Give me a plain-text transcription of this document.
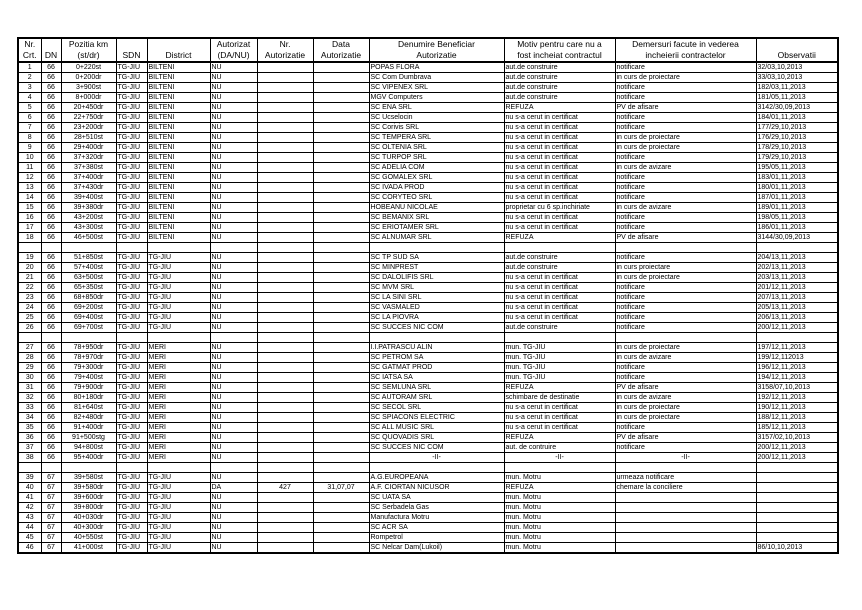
Nr.		Pozitia km			Autorizat	Nr.	Data	Denumire Beneficiar	Motiv pentru care nu a	Demersuri facute in vederea	
Crt.	DN	(st/dr)	SDN	District	(DA/NU)	Autorizatie	Autorizatie	Autorizatie	fost incheiat contractul	incheierii contractelor	Observatii
1	66	0+220st	TG-JIU	BILTENI	NU			POPAS FLORA	aut.de construire	notificare	32/03,10,2013
2	66	0+200dr	TG-JIU	BILTENI	NU			SC Com Dumbrava	aut.de construire	in curs de proiectare	33/03,10,2013
3	66	3+900st	TG-JIU	BILTENI	NU			SC VIPENEX SRL	aut.de construire	notificare	182/03,11,2013
4	66	8+000dr	TG-JIU	BILTENI	NU			MGV Computers	aut.de construire	notificare	181/05,11,2013
5	66	20+450dr	TG-JIU	BILTENI	NU			SC ENA SRL	REFUZA	PV de afisare	3142/30,09,2013
6	66	22+750dr	TG-JIU	BILTENI	NU			SC Ucselocin	nu s-a cerut in certificat	notificare	184/01,11,2013
7	66	23+200dr	TG-JIU	BILTENI	NU			SC Corivis SRL	nu s-a cerut in certificat	notificare	177/29,10,2013
8	66	28+510st	TG-JIU	BILTENI	NU			SC TEMPERA SRL	nu s-a cerut in certificat	in curs de proiectare	176/29,10,2013
9	66	29+400dr	TG-JIU	BILTENI	NU			SC OLTENIA SRL	nu s-a cerut in certificat	in curs de proiectare	178/29,10,2013
10	66	37+320dr	TG-JIU	BILTENI	NU			SC TURPOP SRL	nu s-a cerut in certificat	notificare	179/29,10,2013
11	66	37+380st	TG-JIU	BILTENI	NU			SC ADELIA COM	nu s-a cerut in certificat	in curs de avizare	195/05,11,2013
12	66	37+400dr	TG-JIU	BILTENI	NU			SC GOMALEX SRL	nu s-a cerut in certificat	notificare	183/01,11,2013
13	66	37+430dr	TG-JIU	BILTENI	NU			SC IVADA PROD	nu s-a cerut in certificat	notificare	180/01,11,2013
14	66	39+400st	TG-JIU	BILTENI	NU			SC CORYTEO SRL	nu s-a cerut in certificat	notificare	187/01,11,2013
15	66	39+380dr	TG-JIU	BILTENI	NU			HOBEANU NICOLAE	proprietar cu 6 sp.inchiriate	in curs de avizare	189/01,11,2013
16	66	43+200st	TG-JIU	BILTENI	NU			SC BEMANIX SRL	nu s-a cerut in certificat	notificare	198/05,11,2013
17	66	43+300st	TG-JIU	BILTENI	NU			SC ERIOTAMER SRL	nu s-a cerut in certificat	notificare	186/01,11,2013
18	66	46+500st	TG-JIU	BILTENI	NU			SC ALNUMAR SRL	REFUZA	PV de afisare	3144/30,09,2013

19	66	51+850st	TG-JIU	TG-JIU	NU			SC TP SUD SA	aut.de construire	notificare	204/13,11,2013
20	66	57+400st	TG-JIU	TG-JIU	NU			SC MINPREST	aut.de construire	in curs proiectare	202/13,11,2013
21	66	63+500st	TG-JIU	TG-JIU	NU			SC DALOLIFIS SRL	nu s-a cerut in certificat	in curs de proiectare	203/13,11,2013
22	66	65+350st	TG-JIU	TG-JIU	NU			SC MVM SRL	nu s-a cerut in certificat	notificare	201/12,11,2013
23	66	68+850dr	TG-JIU	TG-JIU	NU			SC LA SINI SRL	nu s-a cerut in certificat	notificare	207/13,11,2013
24	66	69+200st	TG-JIU	TG-JIU	NU			SC VASMALED	nu s-a cerut in certificat	notificare	205/13,11,2013
25	66	69+400st	TG-JIU	TG-JIU	NU			SC LA PIOVRA	nu s-a cerut in certificat	notificare	206/13,11,2013
26	66	69+700st	TG-JIU	TG-JIU	NU			SC SUCCES NIC COM	aut.de construire	notificare	200/12,11,2013

27	66	78+950dr	TG-JIU	MERI	NU			I.I.PATRASCU ALIN	mun. TG-JIU	in curs de proiectare	197/12,11,2013
28	66	78+970dr	TG-JIU	MERI	NU			SC PETROM SA	mun. TG-JIU	in curs de avizare	199/12,112013
29	66	79+300dr	TG-JIU	MERI	NU			SC GATMAT PROD	mun. TG-JIU	notificare	196/12,11,2013
30	66	79+400st	TG-JIU	MERI	NU			SC IATSA SA	mun. TG-JIU	notificare	194/12,11,2013
31	66	79+900dr	TG-JIU	MERI	NU			SC SEMLUNA SRL	REFUZA	PV de afisare	3158/07,10,2013
32	66	80+180dr	TG-JIU	MERI	NU			SC AUTORAM SRL	schimbare de destinatie	in curs de avizare	192/12,11,2013
33	66	81+640st	TG-JIU	MERI	NU			SC SECOL SRL	nu s-a cerut in certificat	in curs de proiectare	190/12,11,2013
34	66	82+480dr	TG-JIU	MERI	NU			SC SPIACONS ELECTRIC	nu s-a cerut in certificat	in curs de proiectare	188/12,11,2013
35	66	91+400dr	TG-JIU	MERI	NU			SC ALL MUSIC SRL	nu s-a cerut in certificat	notificare	185/12,11,2013
36	66	91+500stg	TG-JIU	MERI	NU			SC QUOVADIS SRL	REFUZA	PV de afisare	3157/02,10,2013
37	66	94+800st	TG-JIU	MERI	NU			SC SUCCES NIC COM	aut. de contruire	notificare	200/12,11,2013
38	66	95+400dr	TG-JIU	MERI	NU			-II-	-II-	-II-	200/12,11,2013

39	67	39+580st	TG-JIU	TG-JIU	NU			A.G.EUROPEANA	mun. Motru	urmeaza notificare	
40	67	39+580dr	TG-JIU	TG-JIU	DA	427	31,07,07	A.F. CIORTAN NICUSOR	REFUZA	chemare la conciliere	
41	67	39+600dr	TG-JIU	TG-JIU	NU			SC UATA SA	mun. Motru		
42	67	39+800dr	TG-JIU	TG-JIU	NU			SC Serbadela Gas	mun. Motru		
43	67	40+030dr	TG-JIU	TG-JIU	NU			Manufactura Motru	mun. Motru		
44	67	40+300dr	TG-JIU	TG-JIU	NU			SC ACR SA	mun. Motru		
45	67	40+550st	TG-JIU	TG-JIU	NU			Rompetrol	mun. Motru		
46	67	41+000st	TG-JIU	TG-JIU	NU			SC Nelcar Dam(Lukoil)	mun. Motru		86/10,10,2013
